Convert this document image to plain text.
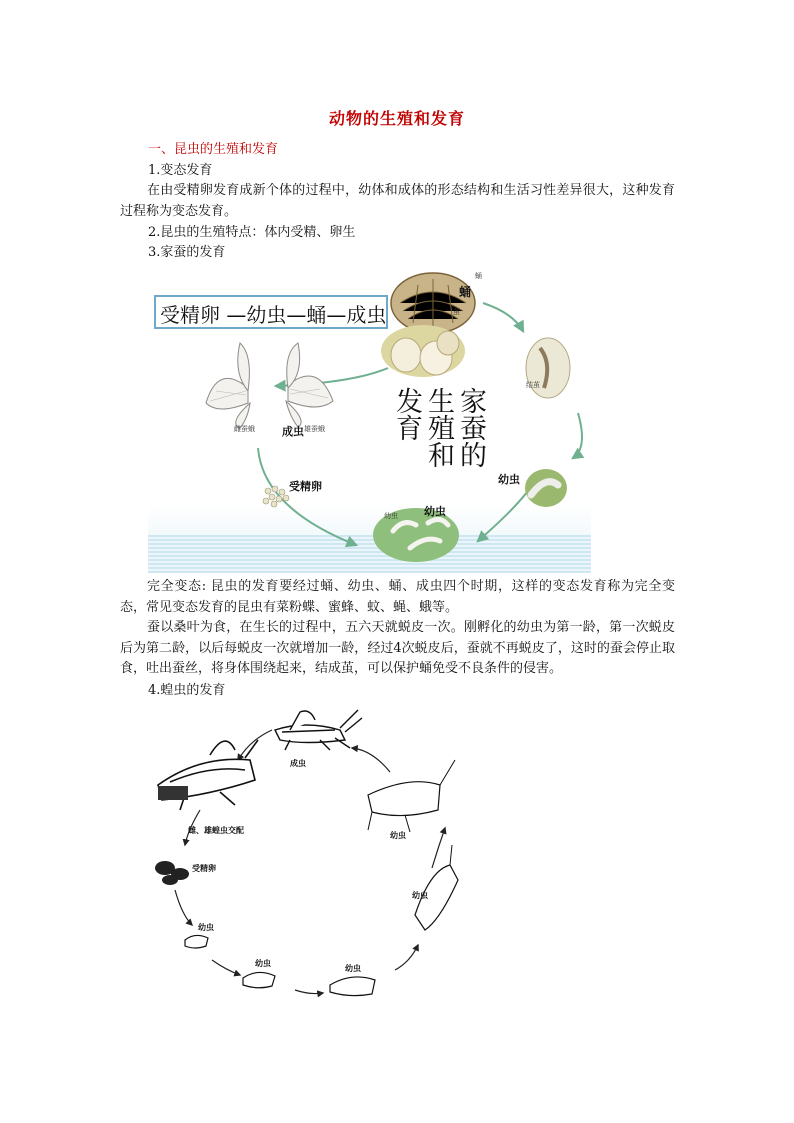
动物的生殖和发育
一、昆虫的生殖和发育
1.变态发育
在由受精卵发育成新个体的过程中，幼体和成体的形态结构和生活习性差异很大，这种发育过程称为变态发育。
2.昆虫的生殖特点：体内受精、卵生
3.家蚕的发育
受精卵 —幼虫—蛹—成虫
家蚕的生殖和发育
蛹
蛹
茧
结茧
成虫
雌蚕蛾	雄蚕蛾
受精卵
幼虫
幼虫
幼虫
完全变态: 昆虫的发育要经过蛹、幼虫、蛹、成虫四个时期，这样的变态发育称为完全变态，常见变态发育的昆虫有菜粉蝶、蜜蜂、蚊、蝇、蛾等。
蚕以桑叶为食，在生长的过程中，五六天就蜕皮一次。刚孵化的幼虫为第一龄，第一次蜕皮后为第二龄，以后每蜕皮一次就增加一龄，经过4次蜕皮后，蚕就不再蜕皮了，这时的蚕会停止取食，吐出蚕丝，将身体围绕起来，结成茧，可以保护蛹免受不良条件的侵害。
4.蝗虫的发育
成虫
雌、雄蝗虫交配
受精卵
幼虫
幼虫
幼虫
幼虫
幼虫
